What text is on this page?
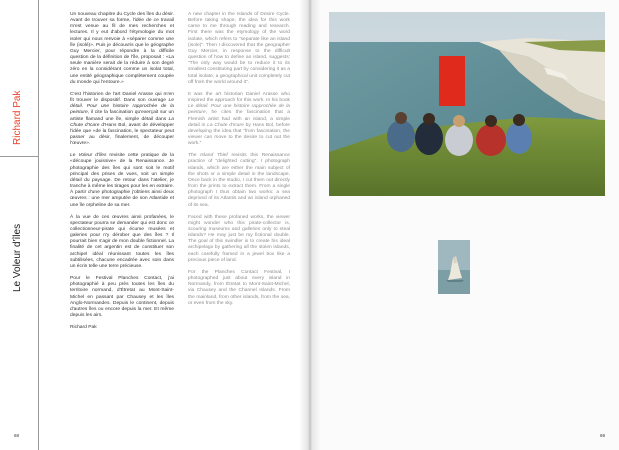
Richard Pak
Le Voleur d'îles

Un nouveau chapitre du Cycle des îles du désir. Avant de trouver sa forme, l'idée de ce travail m'est venue au fil de mes recherches et lectures. Il y eut d'abord l'étymologie du mot isoler qui nous renvoie à «séparer comme une île (isolé)». Puis je découvris que le géographe Guy Mercier, pour répondre à la difficile question de la définition de l'île, proposait : «La seule manière serait de la réduire à son degré zéro en la considérant comme un isolat total, une entité géographique complètement coupée du monde qui l'entoure.»

C'est l'historien de l'art Daniel Arasse qui m'en fit trouver le dispositif. Dans son ouvrage Le détail. Pour une histoire rapprochée de la peinture, il cite la fascination qu'exerçait sur un artiste flamand une île, simple détail dans La Chute d'Icare d'Hans Bol, avant de développer l'idée que «de la fascination, le spectateur peut passer au désir, finalement, de découper l'œuvre».

Le Voleur d'îles revisite cette pratique de la «découpe jouissive» de la Renaissance. Je photographie des îles qui sont soit le motif principal des prises de vues, soit un simple détail du paysage. De retour dans l'atelier, je tranche à même les tirages pour les en extraire. À partir d'une photographie j'obtiens ainsi deux œuvres : une mer amputée de son Atlantide et une île orpheline de sa mer.

À la vue de ces œuvres ainsi profanées, le spectateur pourra se demander qui est donc ce collectionneur-pirate qui écume musées et galeries pour n'y dérober que des îles ? Il pourrait bien s'agir de mon double fictionnel. La finalité de cet argentin est de constituer son archipel idéal réunissant toutes les îles subtilisées, chacune encadrée avec soin dans un écrin telle une terre précieuse.

Pour le Festival Planches Contact, j'ai photographié à peu près toutes les îles du territoire normand, d'Étretat au Mont-Saint-Michel en passant par Chausey et les îles Anglo-Normandes. Depuis le continent, depuis d'autres îles ou encore depuis la mer. Et même depuis les airs.

Richard Pak

A new chapter in the Islands of Desire Cycle. Before taking shape, the idea for this work came to me through reading and research. First there was the etymology of the word isolate, which refers to “separate like an island (isole)”. Then I discovered that the geographer Guy Mercier, in response to the difficult question of how to define an island, suggests: “The only way would be to reduce it to its smallest constituting part by considering it as a total isolate, a geographical unit completely cut off from the world around it”.

It was the art historian Daniel Arasse who inspired the approach for this work. In his book Le détail. Pour une histoire rapprochée de la peinture, he cites the fascination that a Flemish artist had with an island, a simple detail in La Chute d'Icare by Hans Bol, before developing the idea that “from fascination, the viewer can move to the desire to cut out the work.”

The Island Thief revisits this Renaissance practice of “delighted cutting”. I photograph islands, which are either the main subject of the shots or a simple detail in the landscape. Once back in the studio, I cut them out directly from the prints to extract them. From a single photograph I thus obtain two works: a sea deprived of its Atlantis and an island orphaned of its sea.

Faced with these profaned works, the viewer might wonder who this pirate-collector is, scouring museums and galleries only to steal islands? He may just be my fictional double. The goal of this swindler is to create his ideal archipelago by gathering all the stolen islands, each carefully framed in a jewel box like a precious piece of land.

For the Planches Contact Festival, I photographed just about every island in Normandy, from Étretat to Mont-Saint-Michel, via Chausey and the Channel Islands. From the mainland, from other islands, from the sea, or even from the sky.

68	69
